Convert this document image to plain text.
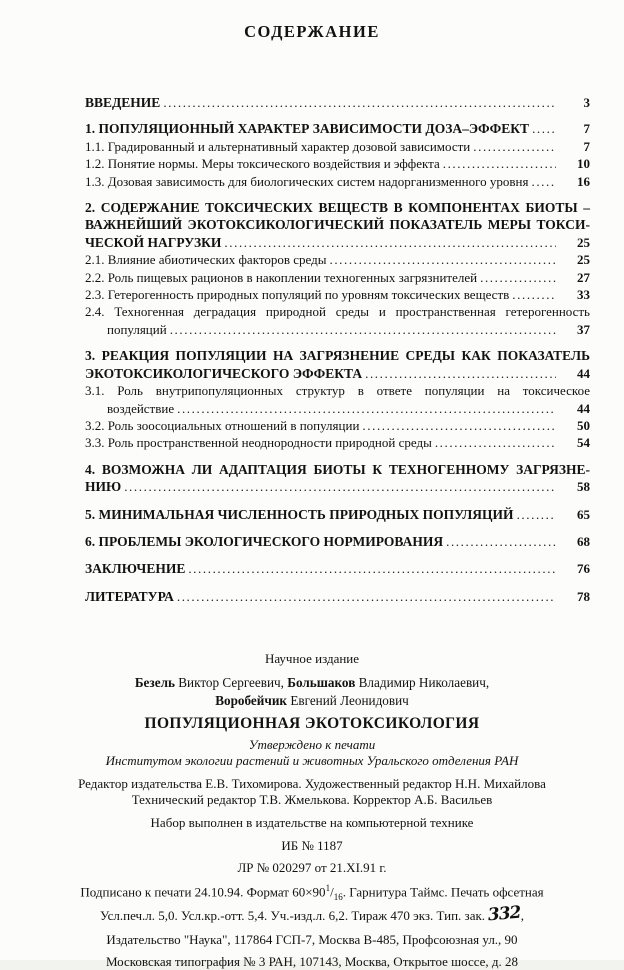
СОДЕРЖАНИЕ
ВВЕДЕНИЕ .....	3
1. ПОПУЛЯЦИОННЫЙ ХАРАКТЕР ЗАВИСИМОСТИ ДОЗА–ЭФФЕКТ .....	7
1.1. Градированный и альтернативный характер дозовой зависимости .....	7
1.2. Понятие нормы. Меры токсического воздействия и эффекта .....	10
1.3. Дозовая зависимость для биологических систем надорганизменного уровня .....	16
2. СОДЕРЖАНИЕ ТОКСИЧЕСКИХ ВЕЩЕСТВ В КОМПОНЕНТАХ БИОТЫ –
ВАЖНЕЙШИЙ ЭКОТОКСИКОЛОГИЧЕСКИЙ ПОКАЗАТЕЛЬ МЕРЫ ТОКСИ-
ЧЕСКОЙ НАГРУЗКИ .....	25
2.1. Влияние абиотических факторов среды .....	25
2.2. Роль пищевых рационов в накоплении техногенных загрязнителей .....	27
2.3. Гетерогенность природных популяций по уровням токсических веществ .....	33
2.4. Техногенная деградация природной среды и пространственная гетерогенность
популяций .....	37
3. РЕАКЦИЯ ПОПУЛЯЦИИ НА ЗАГРЯЗНЕНИЕ СРЕДЫ КАК ПОКАЗАТЕЛЬ
ЭКОТОКСИКОЛОГИЧЕСКОГО ЭФФЕКТА .....	44
3.1. Роль внутрипопуляционных структур в ответе популяции на токсическое
воздействие .....	44
3.2. Роль зоосоциальных отношений в популяции .....	50
3.3. Роль пространственной неоднородности природной среды .....	54
4. ВОЗМОЖНА ЛИ АДАПТАЦИЯ БИОТЫ К ТЕХНОГЕННОМУ ЗАГРЯЗНЕ-
НИЮ .....	58
5. МИНИМАЛЬНАЯ ЧИСЛЕННОСТЬ ПРИРОДНЫХ ПОПУЛЯЦИЙ .....	65
6. ПРОБЛЕМЫ ЭКОЛОГИЧЕСКОГО НОРМИРОВАНИЯ .....	68
ЗАКЛЮЧЕНИЕ .....	76
ЛИТЕРАТУРА .....	78
Научное издание
Безель Виктор Сергеевич, Большаков Владимир Николаевич,
Воробейчик Евгений Леонидович
ПОПУЛЯЦИОННАЯ ЭКОТОКСИКОЛОГИЯ
Утверждено к печати
Институтом экологии растений и животных Уральского отделения РАН
Редактор издательства Е.В. Тихомирова. Художественный редактор Н.Н. Михайлова
Технический редактор Т.В. Жмелькова. Корректор А.Б. Васильев
Набор выполнен в издательстве на компьютерной технике
ИБ № 1187
ЛР № 020297 от 21.XI.91 г.
Подписано к печати 24.10.94. Формат $60\times 90^1/_{16}$. Гарнитура Таймс. Печать офсетная
Усл.печ.л. 5,0. Усл.кр.-отт. 5,4. Уч.-изд.л. 6,2. Тираж 470 экз. Тип. зак. 332,
Издательство "Наука", 117864 ГСП-7, Москва В-485, Профсоюзная ул., 90
Московская типография № 3 РАН, 107143, Москва, Открытое шоссе, д. 28
